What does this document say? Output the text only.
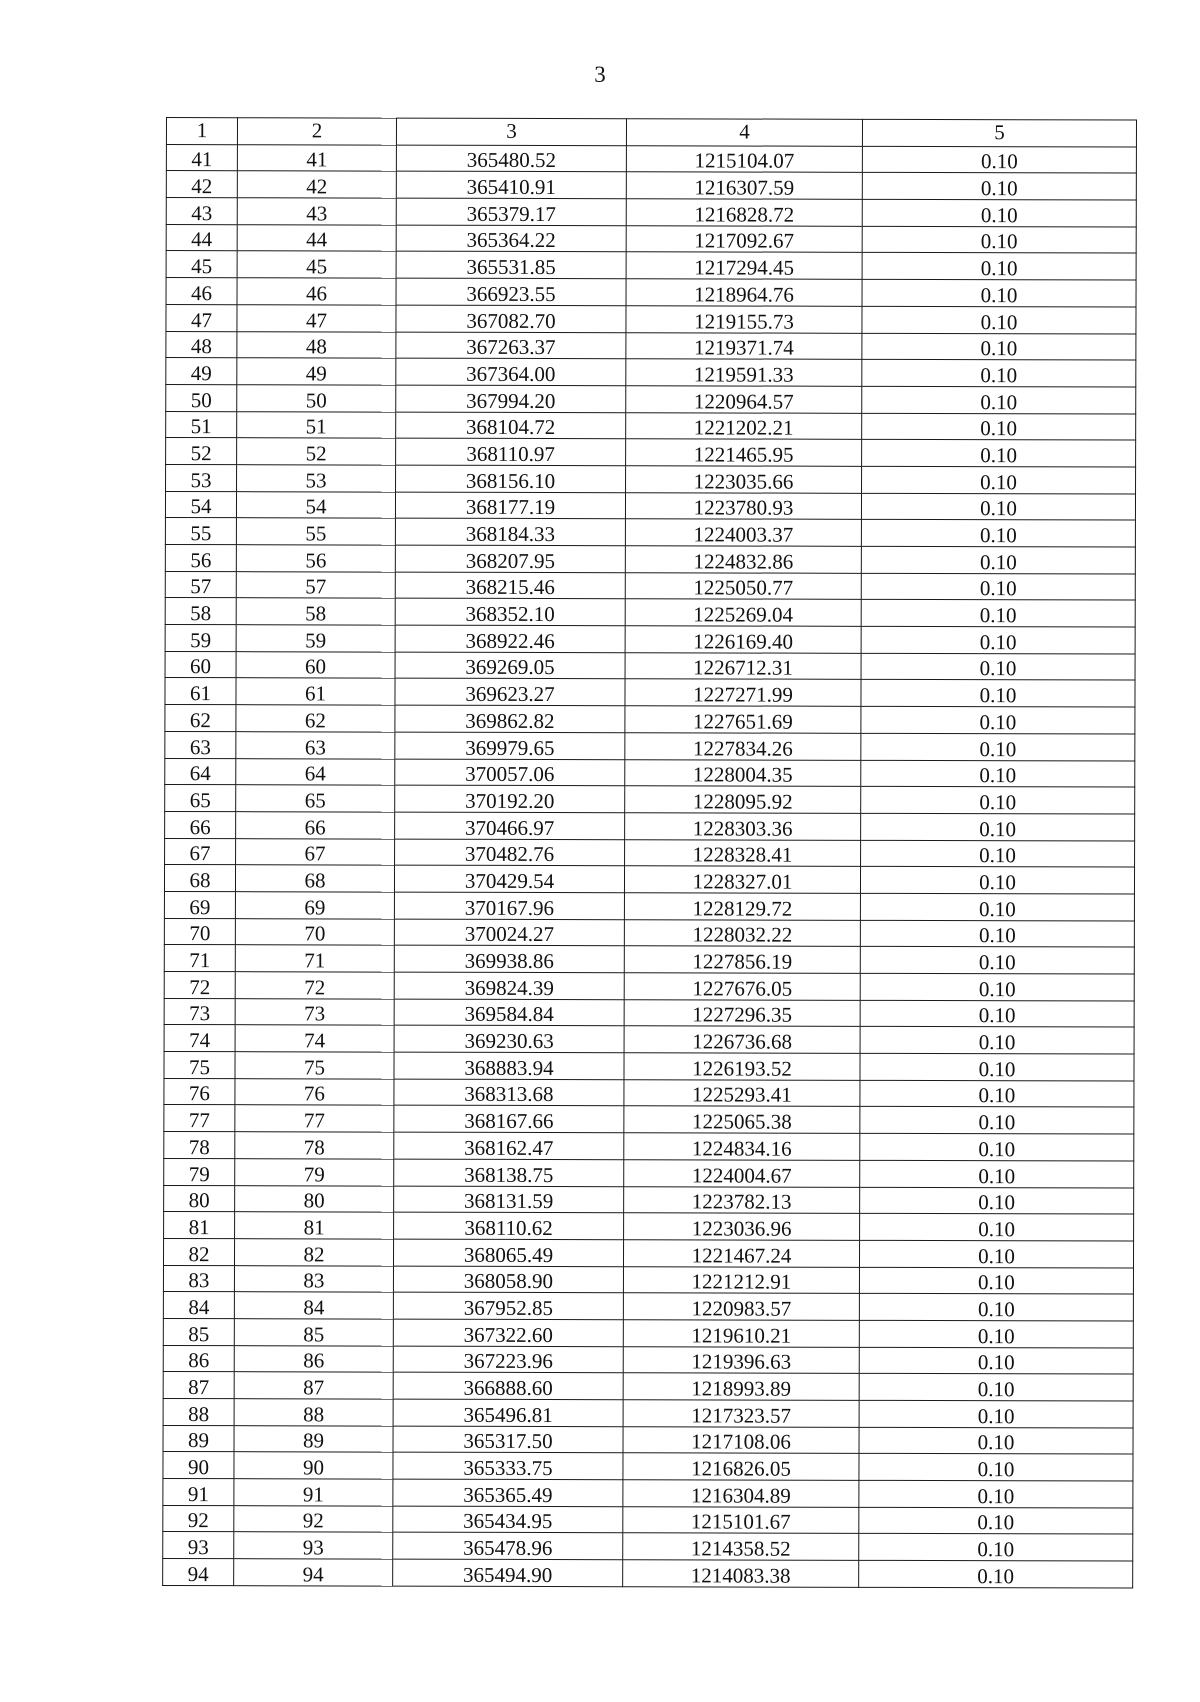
3
1	2	3	4	5
41	41	365480.52	1215104.07	0.10
42	42	365410.91	1216307.59	0.10
43	43	365379.17	1216828.72	0.10
44	44	365364.22	1217092.67	0.10
45	45	365531.85	1217294.45	0.10
46	46	366923.55	1218964.76	0.10
47	47	367082.70	1219155.73	0.10
48	48	367263.37	1219371.74	0.10
49	49	367364.00	1219591.33	0.10
50	50	367994.20	1220964.57	0.10
51	51	368104.72	1221202.21	0.10
52	52	368110.97	1221465.95	0.10
53	53	368156.10	1223035.66	0.10
54	54	368177.19	1223780.93	0.10
55	55	368184.33	1224003.37	0.10
56	56	368207.95	1224832.86	0.10
57	57	368215.46	1225050.77	0.10
58	58	368352.10	1225269.04	0.10
59	59	368922.46	1226169.40	0.10
60	60	369269.05	1226712.31	0.10
61	61	369623.27	1227271.99	0.10
62	62	369862.82	1227651.69	0.10
63	63	369979.65	1227834.26	0.10
64	64	370057.06	1228004.35	0.10
65	65	370192.20	1228095.92	0.10
66	66	370466.97	1228303.36	0.10
67	67	370482.76	1228328.41	0.10
68	68	370429.54	1228327.01	0.10
69	69	370167.96	1228129.72	0.10
70	70	370024.27	1228032.22	0.10
71	71	369938.86	1227856.19	0.10
72	72	369824.39	1227676.05	0.10
73	73	369584.84	1227296.35	0.10
74	74	369230.63	1226736.68	0.10
75	75	368883.94	1226193.52	0.10
76	76	368313.68	1225293.41	0.10
77	77	368167.66	1225065.38	0.10
78	78	368162.47	1224834.16	0.10
79	79	368138.75	1224004.67	0.10
80	80	368131.59	1223782.13	0.10
81	81	368110.62	1223036.96	0.10
82	82	368065.49	1221467.24	0.10
83	83	368058.90	1221212.91	0.10
84	84	367952.85	1220983.57	0.10
85	85	367322.60	1219610.21	0.10
86	86	367223.96	1219396.63	0.10
87	87	366888.60	1218993.89	0.10
88	88	365496.81	1217323.57	0.10
89	89	365317.50	1217108.06	0.10
90	90	365333.75	1216826.05	0.10
91	91	365365.49	1216304.89	0.10
92	92	365434.95	1215101.67	0.10
93	93	365478.96	1214358.52	0.10
94	94	365494.90	1214083.38	0.10
